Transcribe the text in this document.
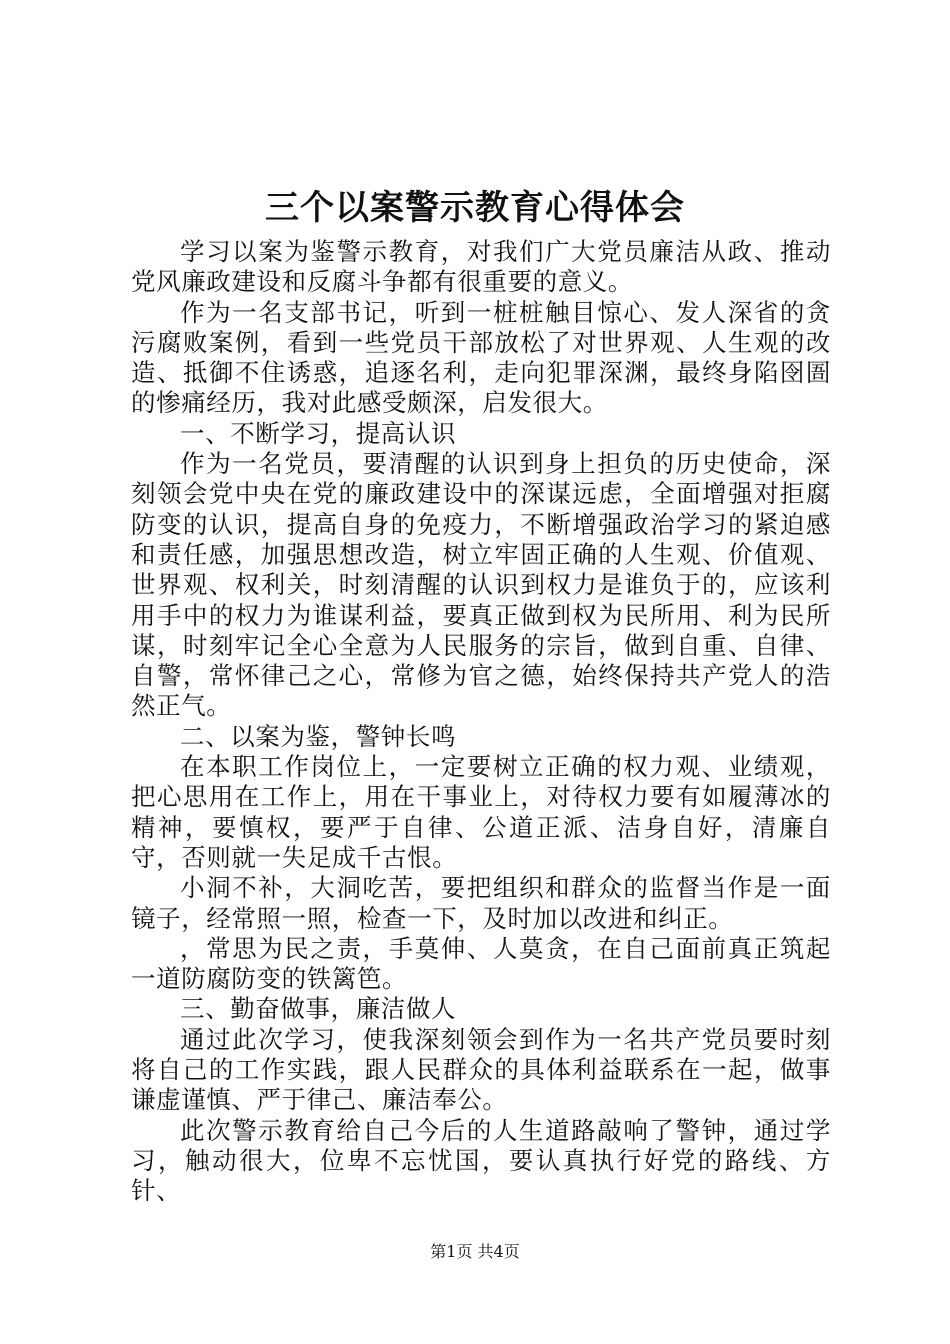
三个以案警示教育心得体会

学习以案为鉴警示教育，对我们广大党员廉洁从政、推动党风廉政建设和反腐斗争都有很重要的意义。

作为一名支部书记，听到一桩桩触目惊心、发人深省的贪污腐败案例，看到一些党员干部放松了对世界观、人生观的改造、抵御不住诱惑，追逐名利，走向犯罪深渊，最终身陷囹圄的惨痛经历，我对此感受颇深，启发很大。

一、不断学习，提高认识

作为一名党员，要清醒的认识到身上担负的历史使命，深刻领会党中央在党的廉政建设中的深谋远虑，全面增强对拒腐防变的认识，提高自身的免疫力，不断增强政治学习的紧迫感和责任感，加强思想改造，树立牢固正确的人生观、价值观、世界观、权利关，时刻清醒的认识到权力是谁负于的，应该利用手中的权力为谁谋利益，要真正做到权为民所用、利为民所谋，时刻牢记全心全意为人民服务的宗旨，做到自重、自律、自警，常怀律己之心，常修为官之德，始终保持共产党人的浩然正气。

二、以案为鉴，警钟长鸣

在本职工作岗位上，一定要树立正确的权力观、业绩观，把心思用在工作上，用在干事业上，对待权力要有如履薄冰的精神，要慎权，要严于自律、公道正派、洁身自好，清廉自守，否则就一失足成千古恨。

小洞不补，大洞吃苦，要把组织和群众的监督当作是一面镜子，经常照一照，检查一下，及时加以改进和纠正。

，常思为民之责，手莫伸、人莫贪，在自己面前真正筑起一道防腐防变的铁篱笆。

三、勤奋做事，廉洁做人

通过此次学习，使我深刻领会到作为一名共产党员要时刻将自己的工作实践，跟人民群众的具体利益联系在一起，做事谦虚谨慎、严于律己、廉洁奉公。

此次警示教育给自己今后的人生道路敲响了警钟，通过学习，触动很大，位卑不忘忧国，要认真执行好党的路线、方针、

第1页 共4页
